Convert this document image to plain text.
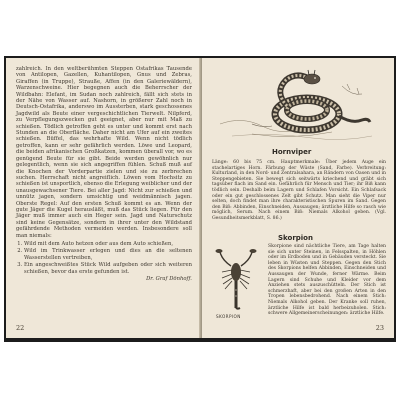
zahlreich. In den weltberühmten Steppen Ostafrikas Tausende von Antilopen, Gazellen, Kuhantilopen, Gnus und Zebras, Giraffen (in Truppe), Strauße, Affen (in den Galeriewäldern), Warzenschweine. Hier begegnen auch die Beherrscher der Wildbahn: Elefant, im Sudan noch zahlreich, fällt sich stets in der Nähe von Wasser auf. Nashorn, in größerer Zahl noch in Deutsch-Ostafrika, anderswo im Aussterben, stark geschossenes Jagdwild als Beute einer vergeschichtlichen Tierwelt. Nilpferd, zu Verpflegungszwecken gut geeignet, aber nur mit Maß zu schießen. Tödlich getroffen geht es unter und kommt erst nach Stunden an die Oberfläche. Daher nicht am Ufer auf ein zweites schießen. Büffel, das wehrhafte Wild. Wenn nicht tödlich getroffen, kann er sehr gefährlich werden. Löwe und Leopard, die beiden afrikanischen Großkatzen, kommen überall vor, wo es genügend Beute für sie gibt. Beide werden gewöhnlich nur gelegentlich, wenn sie sich angegriffen fühlen. Schuß muß auf die Knochen der Vorderpartie zielen und sie zu zerbrechen suchen. Herrschaft nicht angreiflich. Löwen vom Hochsitz zu schießen ist unsportlich, ebenso die Erlegung weiblicher und der unausgewachsener Tiere. Bei aller Jagd: Nicht zur schießen und unnütz jagen, sondern umsichtig und weidmännisch jagen. Oberste Regel: Auf den ersten Schuß kommt es an. Wenn der gute Jäger die Kugel herausläßt, muß das Stück liegen. Für den Jäger muß immer auch ein Heger sein. Jagd und Naturschutz sind keine Gegensätze, sondern in ihrer unter den Wildstand gefährdende Methoden vermeiden werden. Insbesondere soll man niemals:

1. Wild mit dem Auto hetzen oder aus dem Auto schießen,
2. Wild im Trinkwasser erlegen und dies an die seltenen Wasserstellen vertreiben,
3. Ein angeschweißtes Stück Wild aufgeben oder sich weiteren schießen, bevor das erste gefunden ist.
Dr. Graf Dönhoff.
22
Hornviper
Länge: 60 bis 75 cm. Hauptmerkmale: Über jedem Auge ein stachelartiges Horn. Färbung der Wüste (Sand, Farbe). Verbreitung: Kulturland, in den Nord- und Zentralsahara, an Rändern von Oasen und in Steppengebieten. Sie bewegt sich seitwärts kriechend und gräbt sich tagsüber flach im Sand ein. Gefährlich für Mensch und Tier; ihr Biß kann tödlich sein. Deshalb beim Lagern und Schlafen Vorsicht. Ein Schlafsack oder ein gut geschlossenes Zelt gibt Schutz. Man sieht die Viper nur selten, doch findet man ihre charakteristischen Spuren im Sand. Gegen den Biß: Abbinden, Einschneiden, Aussaugen; ärztliche Hilfe so rasch wie möglich, Serum. Nach einem Biß: Niemals Alkohol geben. (Vgl. Gesundheitsmerkblatt, S. 86.)
Skorpion
SKORPION
Skorpione sind nächtliche Tiere, am Tage halten sie sich unter Steinen, in Felsspalten, in Höhlen oder im Erdboden und in Gebäuden versteckt. Sie leben in Wüsten und Steppen. Gegen den Stich des Skorpions helfen Abbinden, Einschneiden und Aussaugen der Wunde, ferner Wärme. Beim Lagern sind Schuhe und Kleider vor dem Anziehen stets auszuschütteln. Der Stich ist schmerzhaft, aber bei den großen Arten in den Tropen lebensbedrohend. Nach einem Stich: Niemals Alkohol geben. Der Kranke soll ruhen, ärztliche Hilfe ist bald herbeizuholen. Stich: schwere Allgemeinerscheinungen: ärztliche Hilfe.
23
